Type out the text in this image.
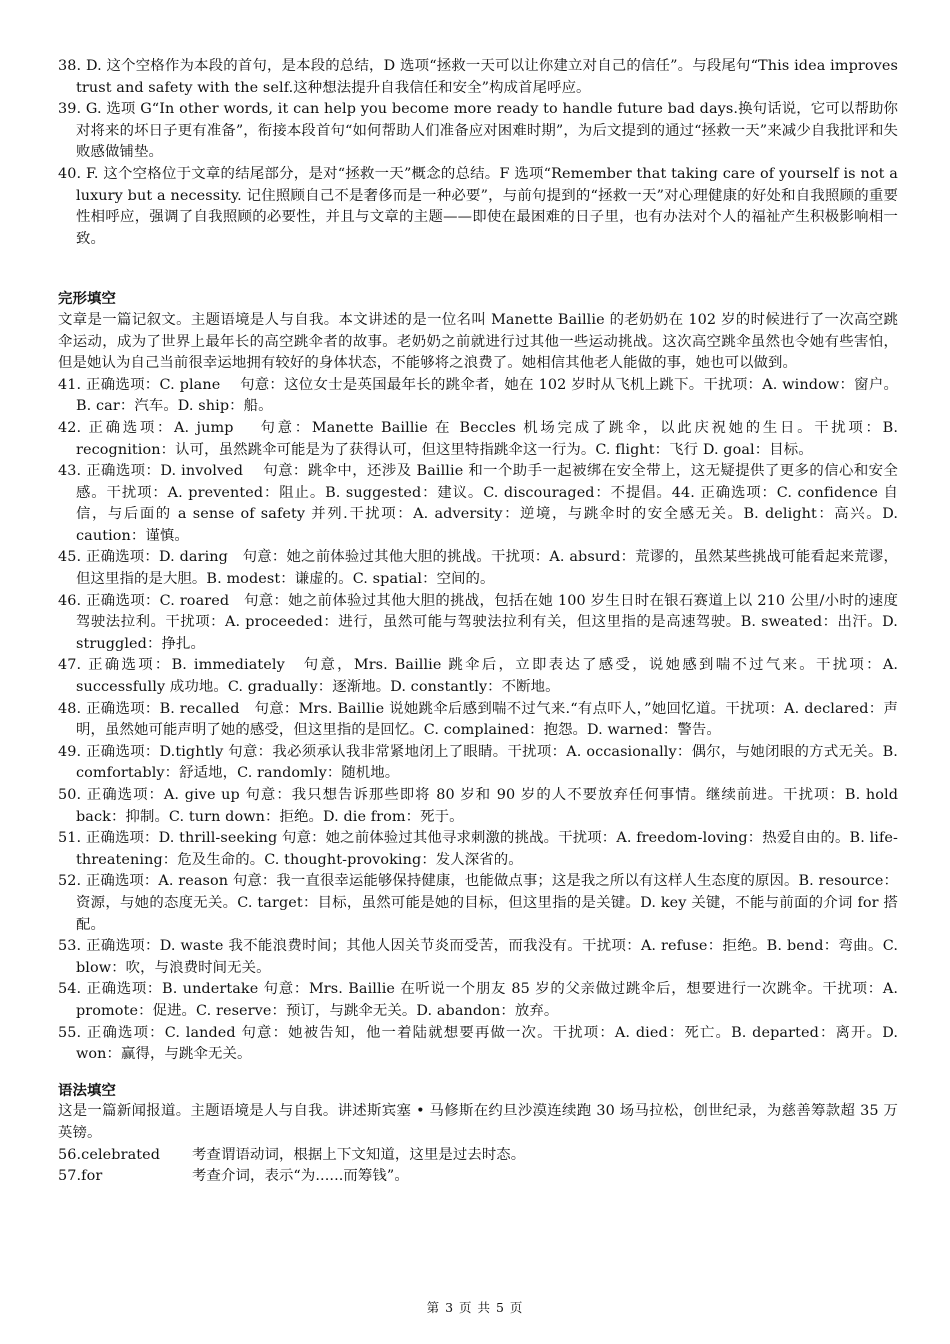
38. D. 这个空格作为本段的首句，是本段的总结，D 选项“拯救一天可以让你建立对自己的信任”。与段尾句“This idea improves trust and safety with the self.这种想法提升自我信任和安全”构成首尾呼应。

39. G. 选项 G“In other words, it can help you become more ready to handle future bad days.换句话说，它可以帮助你对将来的坏日子更有准备”，衔接本段首句“如何帮助人们准备应对困难时期”，为后文提到的通过“拯救一天”来减少自我批评和失败感做铺垫。

40. F. 这个空格位于文章的结尾部分，是对“拯救一天”概念的总结。F 选项“Remember that taking care of yourself is not a luxury but a necessity. 记住照顾自己不是奢侈而是一种必要”，与前句提到的“拯救一天”对心理健康的好处和自我照顾的重要性相呼应，强调了自我照顾的必要性，并且与文章的主题——即使在最困难的日子里，也有办法对个人的福祉产生积极影响相一致。

完形填空

文章是一篇记叙文。主题语境是人与自我。本文讲述的是一位名叫 Manette Baillie 的老奶奶在 102 岁的时候进行了一次高空跳伞运动，成为了世界上最年长的高空跳伞者的故事。老奶奶之前就进行过其他一些运动挑战。这次高空跳伞虽然也令她有些害怕，但是她认为自己当前很幸运地拥有较好的身体状态，不能够将之浪费了。她相信其他老人能做的事，她也可以做到。

41. 正确选项：C. plane　 句意：这位女士是英国最年长的跳伞者，她在 102 岁时从飞机上跳下。干扰项：A. window：窗户。B. car：汽车。D. ship：船。

42. 正确选项：A. jump　 句意：Manette Baillie 在 Beccles 机场完成了跳伞，以此庆祝她的生日。干扰项：B. recognition：认可，虽然跳伞可能是为了获得认可，但这里特指跳伞这一行为。C. flight：飞行 D. goal：目标。

43. 正确选项：D. involved　 句意：跳伞中，还涉及 Baillie 和一个助手一起被绑在安全带上，这无疑提供了更多的信心和安全感。干扰项：A. prevented：阻止。B. suggested：建议。C. discouraged：不提倡。44. 正确选项：C. confidence 自信，与后面的 a sense of safety 并列.干扰项：A. adversity：逆境，与跳伞时的安全感无关。B. delight：高兴。D. caution：谨慎。

45. 正确选项：D. daring　句意：她之前体验过其他大胆的挑战。干扰项：A. absurd：荒谬的，虽然某些挑战可能看起来荒谬，但这里指的是大胆。B. modest：谦虚的。C. spatial：空间的。

46. 正确选项：C. roared　句意：她之前体验过其他大胆的挑战，包括在她 100 岁生日时在银石赛道上以 210 公里/小时的速度驾驶法拉利。干扰项：A. proceeded：进行，虽然可能与驾驶法拉利有关，但这里指的是高速驾驶。B. sweated：出汗。D. struggled：挣扎。

47. 正确选项：B. immediately　句意，Mrs. Baillie 跳伞后，立即表达了感受，说她感到喘不过气来。干扰项：A. successfully 成功地。C. gradually：逐渐地。D. constantly：不断地。

48. 正确选项：B. recalled　句意：Mrs. Baillie 说她跳伞后感到喘不过气来.“有点吓人，”她回忆道。干扰项：A. declared：声明，虽然她可能声明了她的感受，但这里指的是回忆。C. complained：抱怨。D. warned：警告。

49. 正确选项：D.tightly 句意：我必须承认我非常紧地闭上了眼睛。干扰项：A. occasionally：偶尔，与她闭眼的方式无关。B. comfortably：舒适地，C. randomly：随机地。

50. 正确选项：A. give up 句意：我只想告诉那些即将 80 岁和 90 岁的人不要放弃任何事情。继续前进。干扰项：B. hold back：抑制。C. turn down：拒绝。D. die from：死于。

51. 正确选项：D. thrill-seeking 句意：她之前体验过其他寻求刺激的挑战。干扰项：A. freedom-loving：热爱自由的。B. life-threatening：危及生命的。C. thought-provoking：发人深省的。

52. 正确选项：A. reason 句意：我一直很幸运能够保持健康，也能做点事；这是我之所以有这样人生态度的原因。B. resource：资源，与她的态度无关。C. target：目标，虽然可能是她的目标，但这里指的是关键。D. key 关键，不能与前面的介词 for 搭配。

53. 正确选项：D. waste 我不能浪费时间；其他人因关节炎而受苦，而我没有。干扰项：A. refuse：拒绝。B. bend：弯曲。C. blow：吹，与浪费时间无关。

54. 正确选项：B. undertake 句意：Mrs. Baillie 在听说一个朋友 85 岁的父亲做过跳伞后，想要进行一次跳伞。干扰项：A. promote：促进。C. reserve：预订，与跳伞无关。D. abandon：放弃。

55. 正确选项：C. landed 句意：她被告知，他一着陆就想要再做一次。干扰项：A. died：死亡。B. departed：离开。D. won：赢得，与跳伞无关。

语法填空

这是一篇新闻报道。主题语境是人与自我。讲述斯宾塞 • 马修斯在约旦沙漠连续跑 30 场马拉松，创世纪录，为慈善筹款超 35 万英镑。

56.celebrated	考查谓语动词，根据上下文知道，这里是过去时态。
57.for	考查介词，表示“为......而筹钱”。
第 3 页 共 5 页
